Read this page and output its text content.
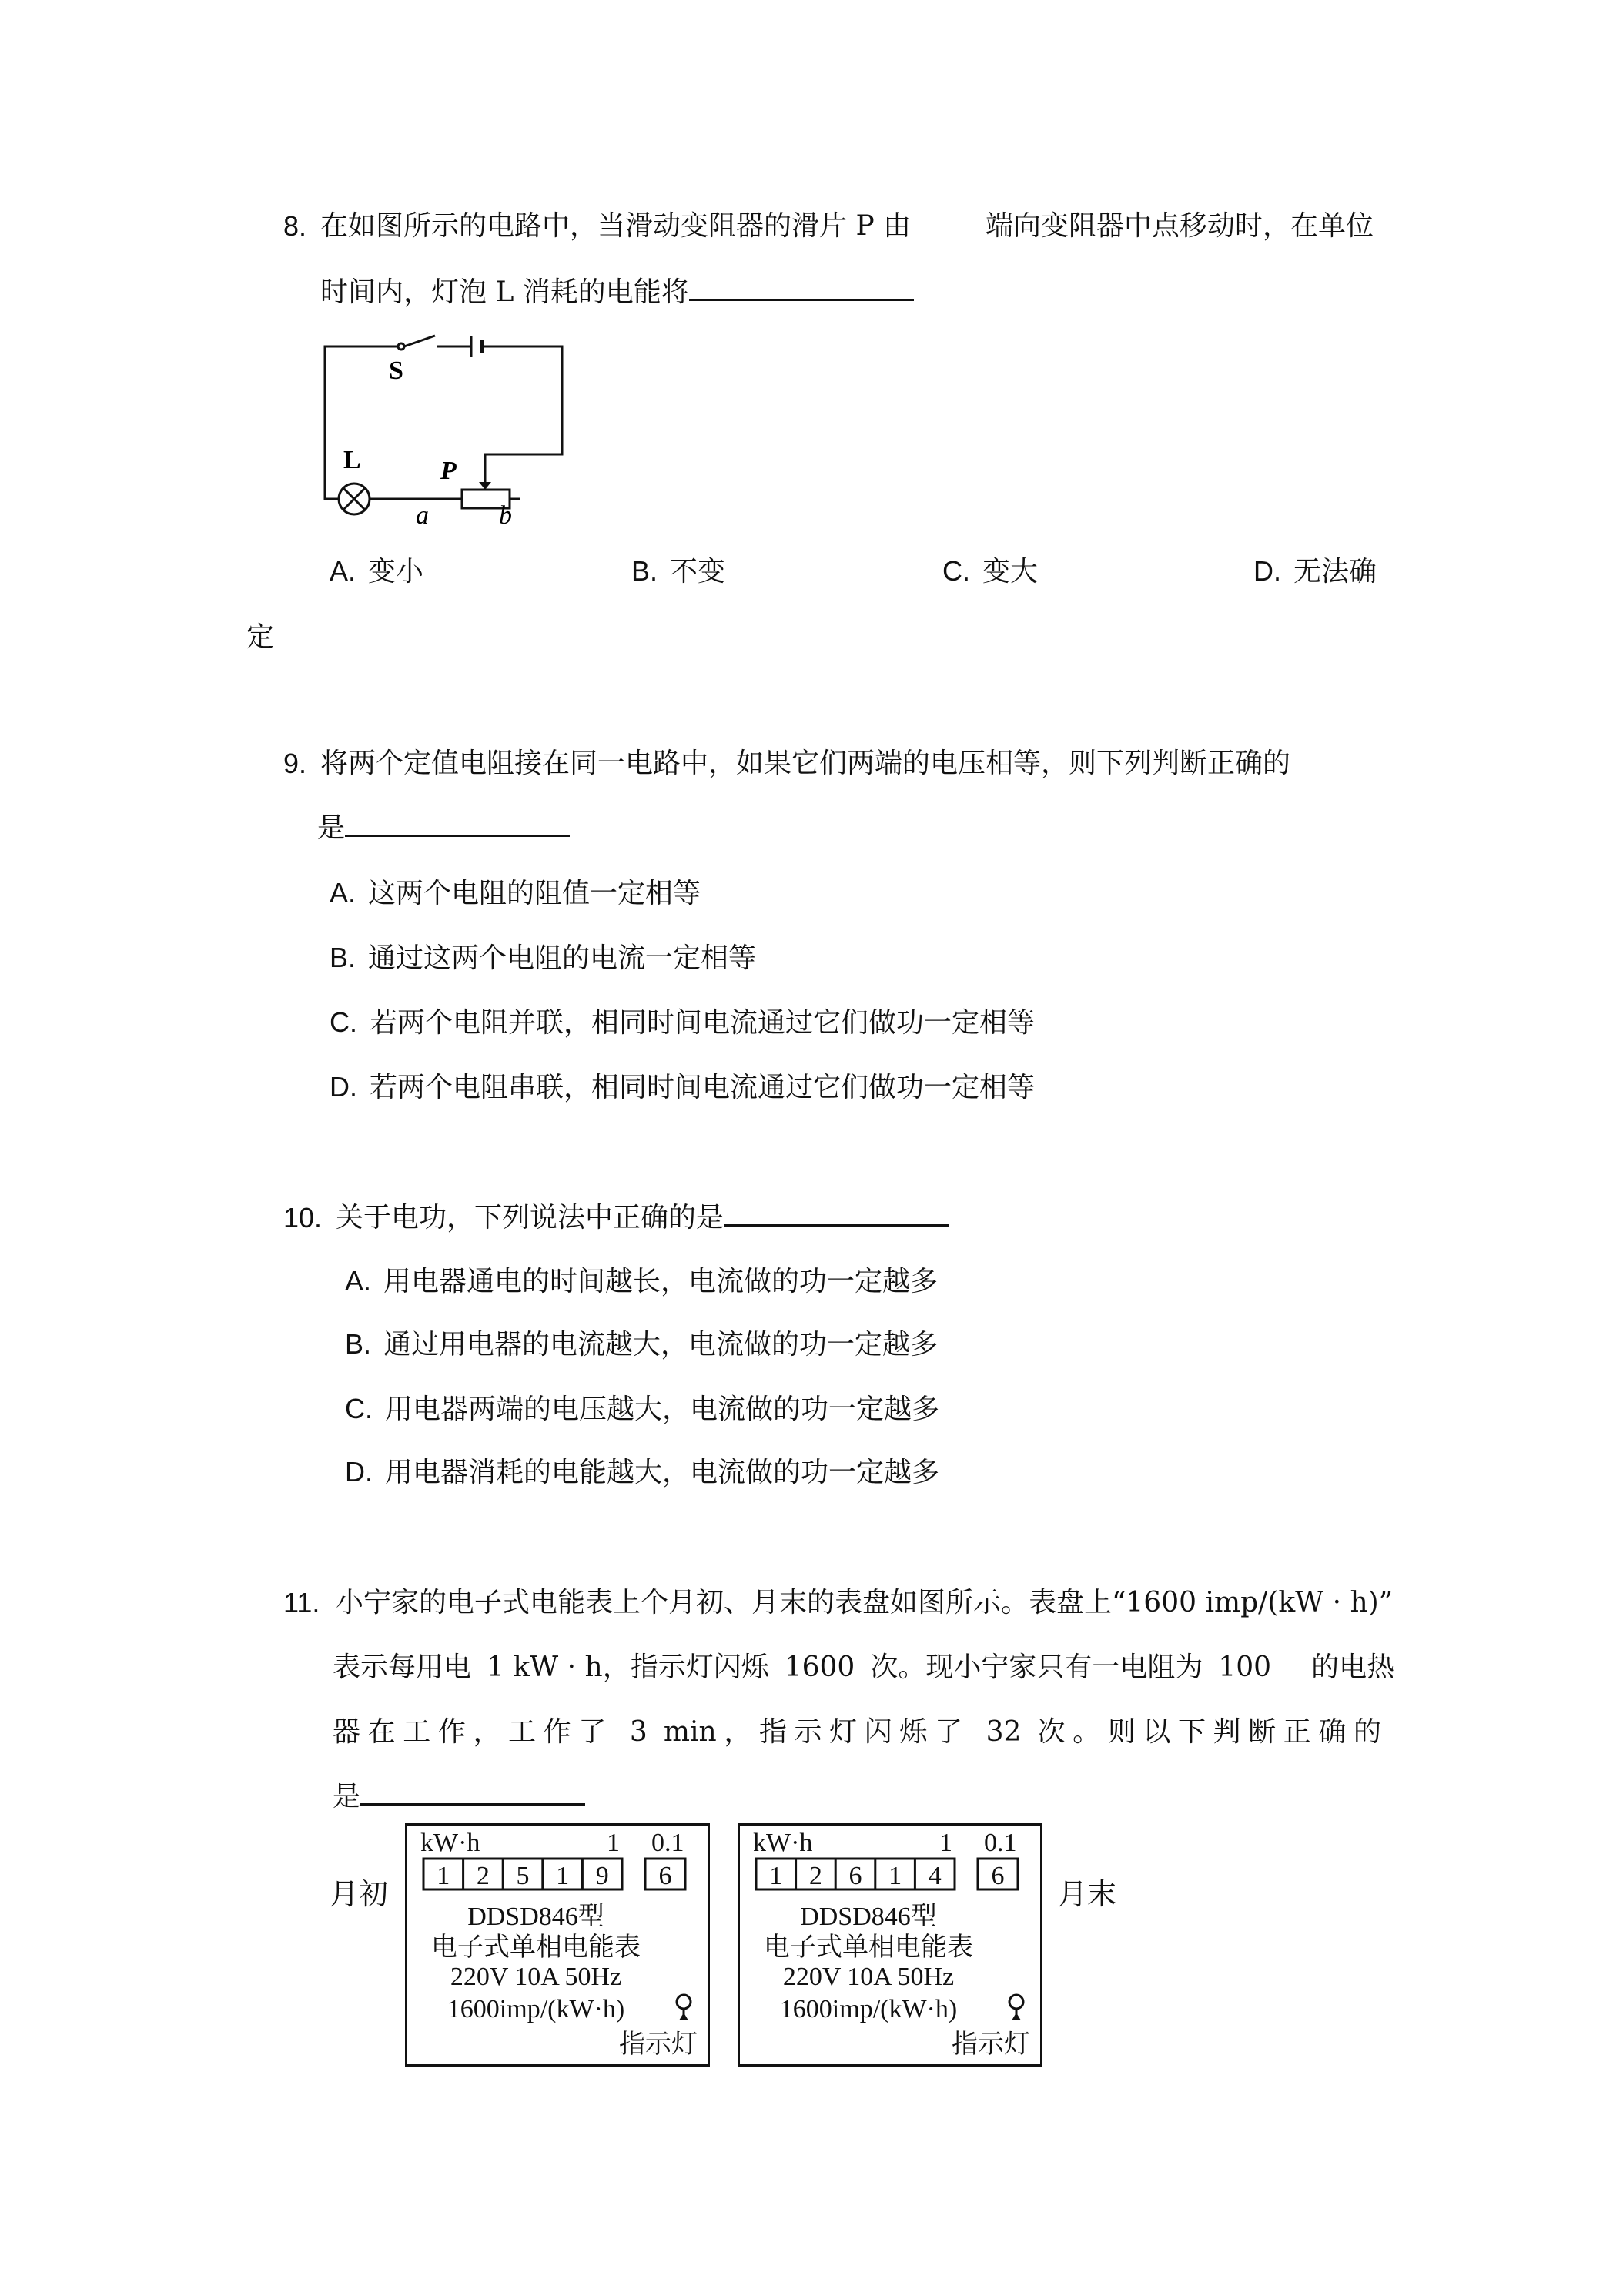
8. 在如图所示的电路中，当滑动变阻器的滑片 P 由	端向变阻器中点移动时，在单位
时间内，灯泡 L 消耗的电能将
S
L	P
a	b
A. 变小	B. 不变	C. 变大	D. 无法确
定
9. 将两个定值电阻接在同一电路中，如果它们两端的电压相等，则下列判断正确的
是
A. 这两个电阻的阻值一定相等
B. 通过这两个电阻的电流一定相等
C. 若两个电阻并联，相同时间电流通过它们做功一定相等
D. 若两个电阻串联，相同时间电流通过它们做功一定相等
10. 关于电功，下列说法中正确的是
A. 用电器通电的时间越长，电流做的功一定越多
B. 通过用电器的电流越大，电流做的功一定越多
C. 用电器两端的电压越大，电流做的功一定越多
D. 用电器消耗的电能越大，电流做的功一定越多
11. 小宁家的电子式电能表上个月初、月末的表盘如图所示。表盘上“1600 imp/(kW · h)”
表示每用电 1 kW · h，指示灯闪烁 1600 次。现小宁家只有一电阻为 100 的电热
器在工作，工作了 3 min，指示灯闪烁了 32 次。则以下判断正确的
是
月初	月末
kW·h	1 0.1
1 2 5 1 9 6
DDSD846型
电子式单相电能表
220V 10A 50Hz
1600imp/(kW·h)
指示灯
kW·h	1 0.1
1 2 6 1 4 6
DDSD846型
电子式单相电能表
220V 10A 50Hz
1600imp/(kW·h)
指示灯
